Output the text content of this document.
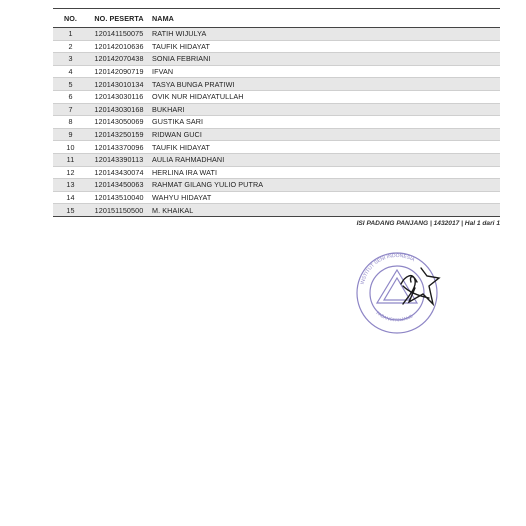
NO.	NO. PESERTA	NAMA
1	120141150075	RATIH WIJULYA
2	120142010636	TAUFIK HIDAYAT
3	120142070438	SONIA FEBRIANI
4	120142090719	IFVAN
5	120143010134	TASYA BUNGA PRATIWI
6	120143030116	OVIK NUR HIDAYATULLAH
7	120143030168	BUKHARI
8	120143050069	GUSTIKA SARI
9	120143250159	RIDWAN GUCI
10	120143370096	TAUFIK HIDAYAT
11	120143390113	AULIA RAHMADHANI
12	120143430074	HERLINA IRA WATI
13	120143450063	RAHMAT GILANG YULIO PUTRA
14	120143510040	WAHYU HIDAYAT
15	120151150500	M. KHAIKAL
ISI PADANG PANJANG | 1432017 | Hal 1 dari 1
INSTITUT SENI INDONESIA
PADANGPANJANG
